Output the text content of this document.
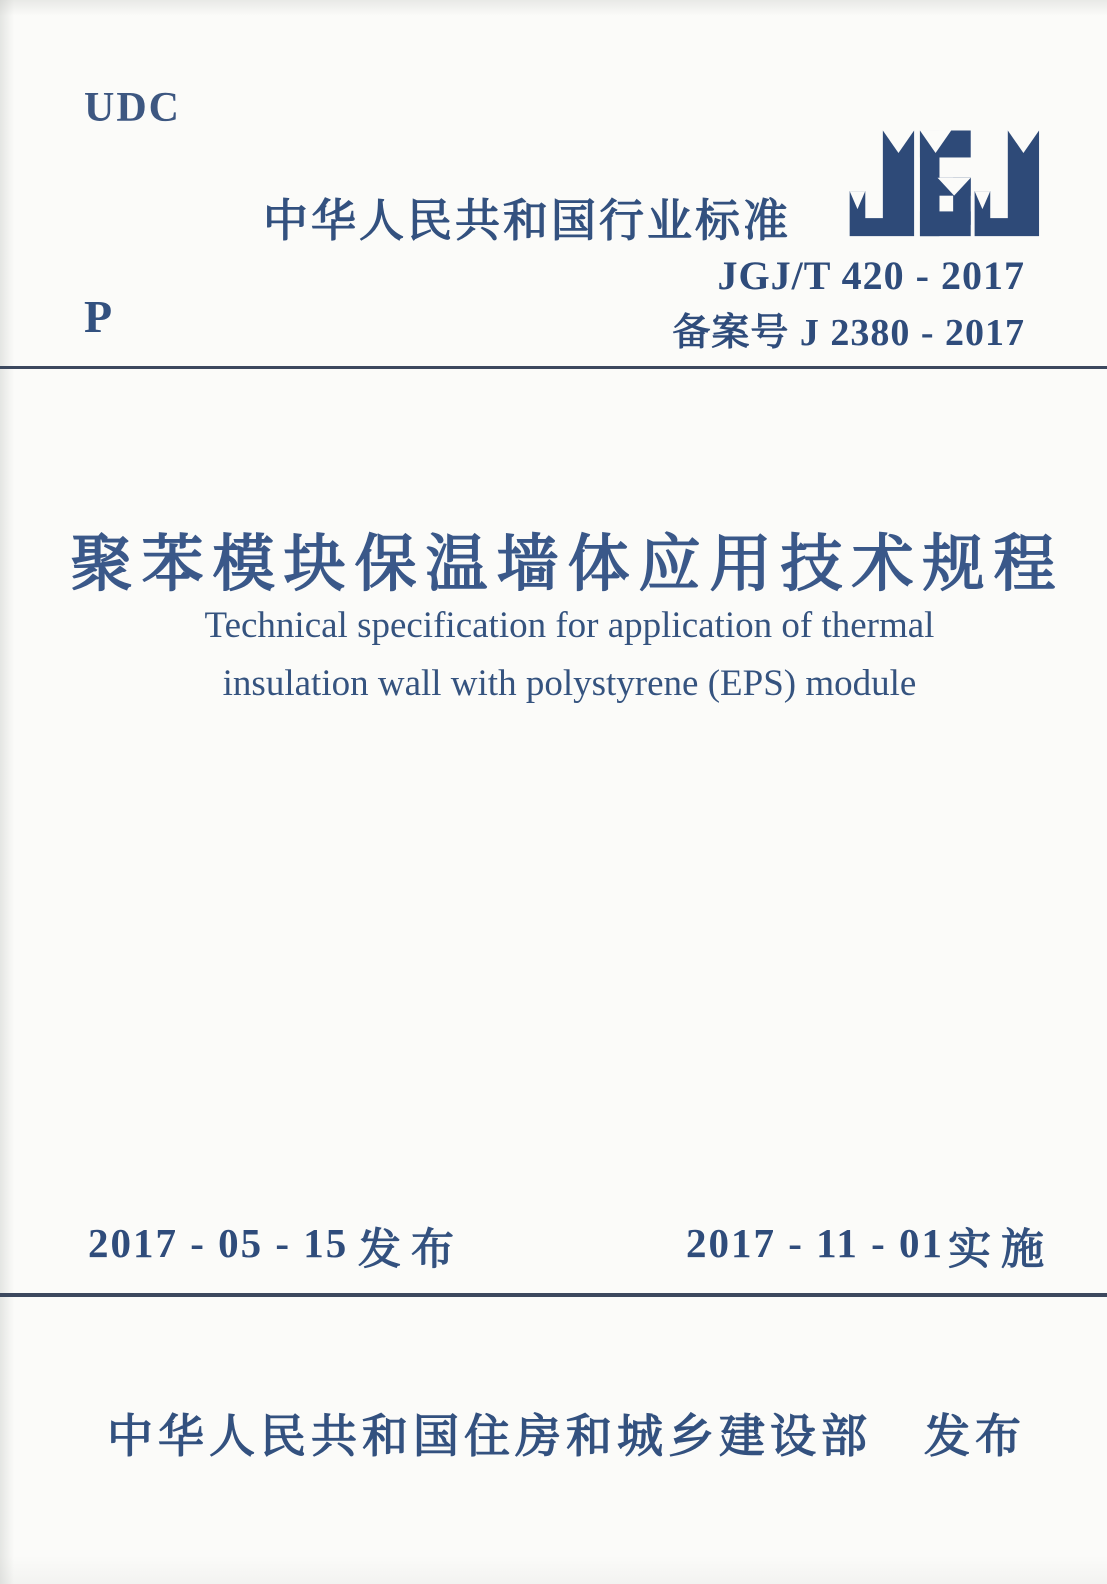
UDC
中华人民共和国行业标准
JGJ/T 420 - 2017
备案号 J 2380 - 2017
P
聚苯模块保温墙体应用技术规程
Technical specification for application of thermal
insulation wall with polystyrene (EPS) module
2017 - 05 - 15 发布	2017 - 11 - 01 实施
中华人民共和国住房和城乡建设部 发布
